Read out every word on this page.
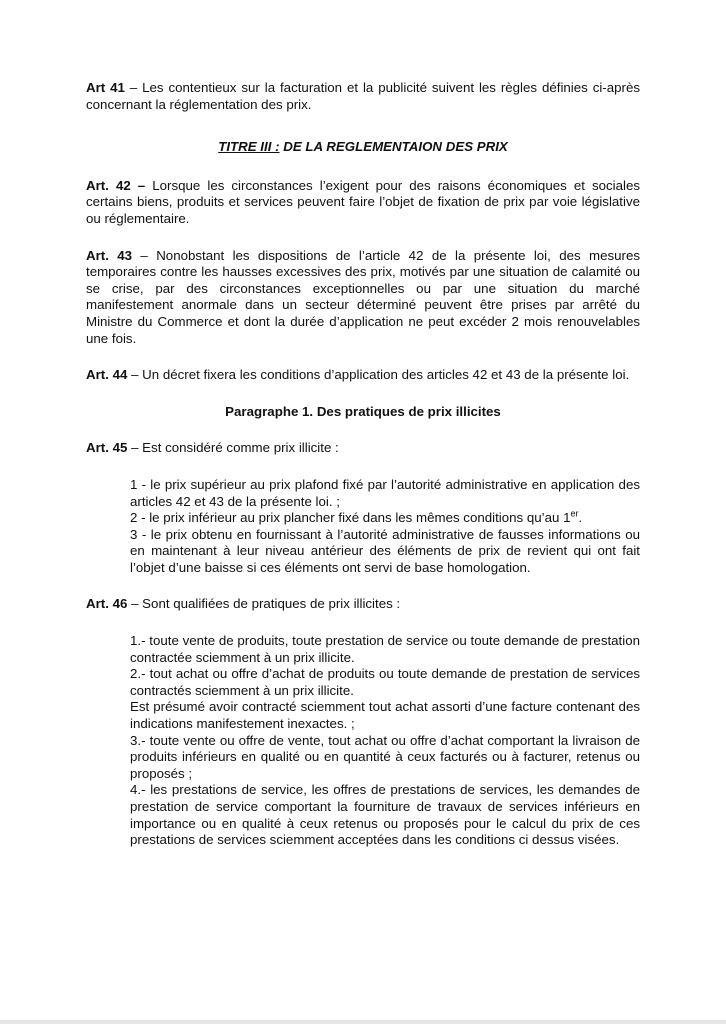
Art 41 – Les contentieux sur la facturation et la publicité suivent les règles définies ci-après concernant la réglementation des prix.

TITRE III : DE LA REGLEMENTAION DES PRIX

Art. 42 – Lorsque les circonstances l’exigent pour des raisons économiques et sociales certains biens, produits et services peuvent faire l’objet de fixation de prix par voie législative ou réglementaire.

Art. 43 – Nonobstant les dispositions de l’article 42 de la présente loi, des mesures temporaires contre les hausses excessives des prix, motivés par une situation de calamité ou se crise, par des circonstances exceptionnelles ou par une situation du marché manifestement anormale dans un secteur déterminé peuvent être prises par arrêté du Ministre du Commerce et dont la durée d’application ne peut excéder 2 mois renouvelables une fois.

Art. 44 – Un décret fixera les conditions d’application des articles 42 et 43 de la présente loi.

Paragraphe 1. Des pratiques de prix illicites

Art. 45 – Est considéré comme prix illicite :

1 - le prix supérieur au prix plafond fixé par l’autorité administrative en application des articles 42 et 43 de la présente loi. ;

2 - le prix inférieur au prix plancher fixé dans les mêmes conditions qu’au 1er.

3 - le prix obtenu en fournissant à l’autorité administrative de fausses informations ou en maintenant à leur niveau antérieur des éléments de prix de revient qui ont fait l’objet d’une baisse si ces éléments ont servi de base homologation.

Art. 46 – Sont qualifiées de pratiques de prix illicites :

1.- toute vente de produits, toute prestation de service ou toute demande de prestation contractée sciemment à un prix illicite.

2.- tout achat ou offre d’achat de produits ou toute demande de prestation de services contractés sciemment à un prix illicite.

Est présumé avoir contracté sciemment tout achat assorti d’une facture contenant des indications manifestement inexactes. ;

3.- toute vente ou offre de vente, tout achat ou offre d’achat comportant la livraison de produits inférieurs en qualité ou en quantité à ceux facturés ou à facturer, retenus ou proposés ;

4.- les prestations de service, les offres de prestations de services, les demandes de prestation de service comportant la fourniture de travaux de services inférieurs en importance ou en qualité à ceux retenus ou proposés pour le calcul du prix de ces prestations de services sciemment acceptées dans les conditions ci dessus visées.
